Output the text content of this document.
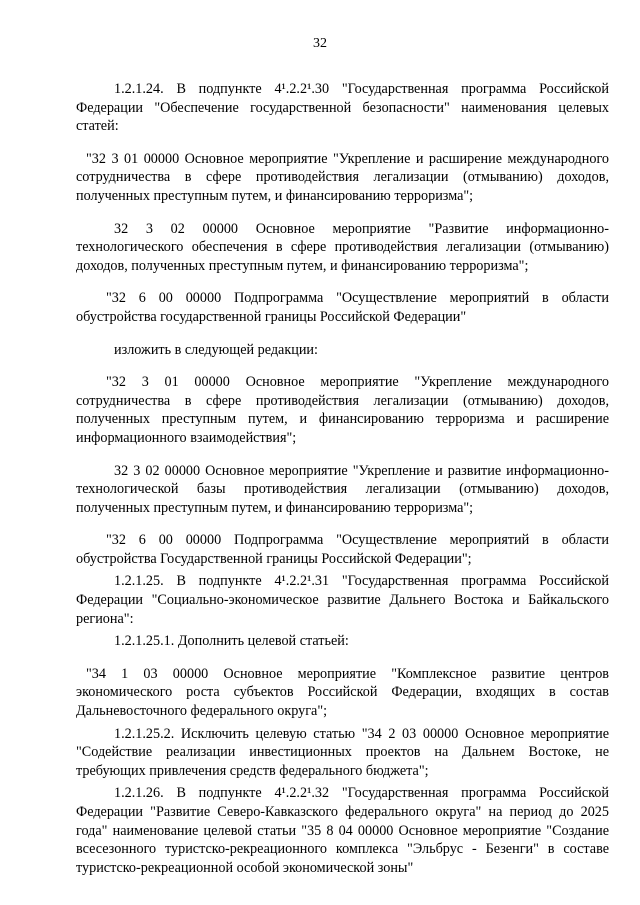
32

1.2.1.24. В подпункте 4¹.2.2¹.30 "Государственная программа Российской Федерации "Обеспечение государственной безопасности" наименования целевых статей:

"32 3 01 00000 Основное мероприятие "Укрепление и расширение международного сотрудничества в сфере противодействия легализации (отмыванию) доходов, полученных преступным путем, и финансированию терроризма";

32 3 02 00000 Основное мероприятие "Развитие информационно-технологического обеспечения в сфере противодействия легализации (отмыванию) доходов, полученных преступным путем, и финансированию терроризма";

"32 6 00 00000 Подпрограмма "Осуществление мероприятий в области обустройства государственной границы Российской Федерации"

изложить в следующей редакции:

"32 3 01 00000 Основное мероприятие "Укрепление международного сотрудничества в сфере противодействия легализации (отмыванию) доходов, полученных преступным путем, и финансированию терроризма и расширение информационного взаимодействия";

32 3 02 00000 Основное мероприятие "Укрепление и развитие информационно-технологической базы противодействия легализации (отмыванию) доходов, полученных преступным путем, и финансированию терроризма";

"32 6 00 00000 Подпрограмма "Осуществление мероприятий в области обустройства Государственной границы Российской Федерации";

1.2.1.25. В подпункте 4¹.2.2¹.31 "Государственная программа Российской Федерации "Социально-экономическое развитие Дальнего Востока и Байкальского региона":

1.2.1.25.1. Дополнить целевой статьей:

"34 1 03 00000 Основное мероприятие "Комплексное развитие центров экономического роста субъектов Российской Федерации, входящих в состав Дальневосточного федерального округа";

1.2.1.25.2. Исключить целевую статью "34 2 03 00000 Основное мероприятие "Содействие реализации инвестиционных проектов на Дальнем Востоке, не требующих привлечения средств федерального бюджета";

1.2.1.26. В подпункте 4¹.2.2¹.32 "Государственная программа Российской Федерации "Развитие Северо-Кавказского федерального округа" на период до 2025 года" наименование целевой статьи "35 8 04 00000 Основное мероприятие "Создание всесезонного туристско-рекреационного комплекса "Эльбрус - Безенги" в составе туристско-рекреационной особой экономической зоны"
